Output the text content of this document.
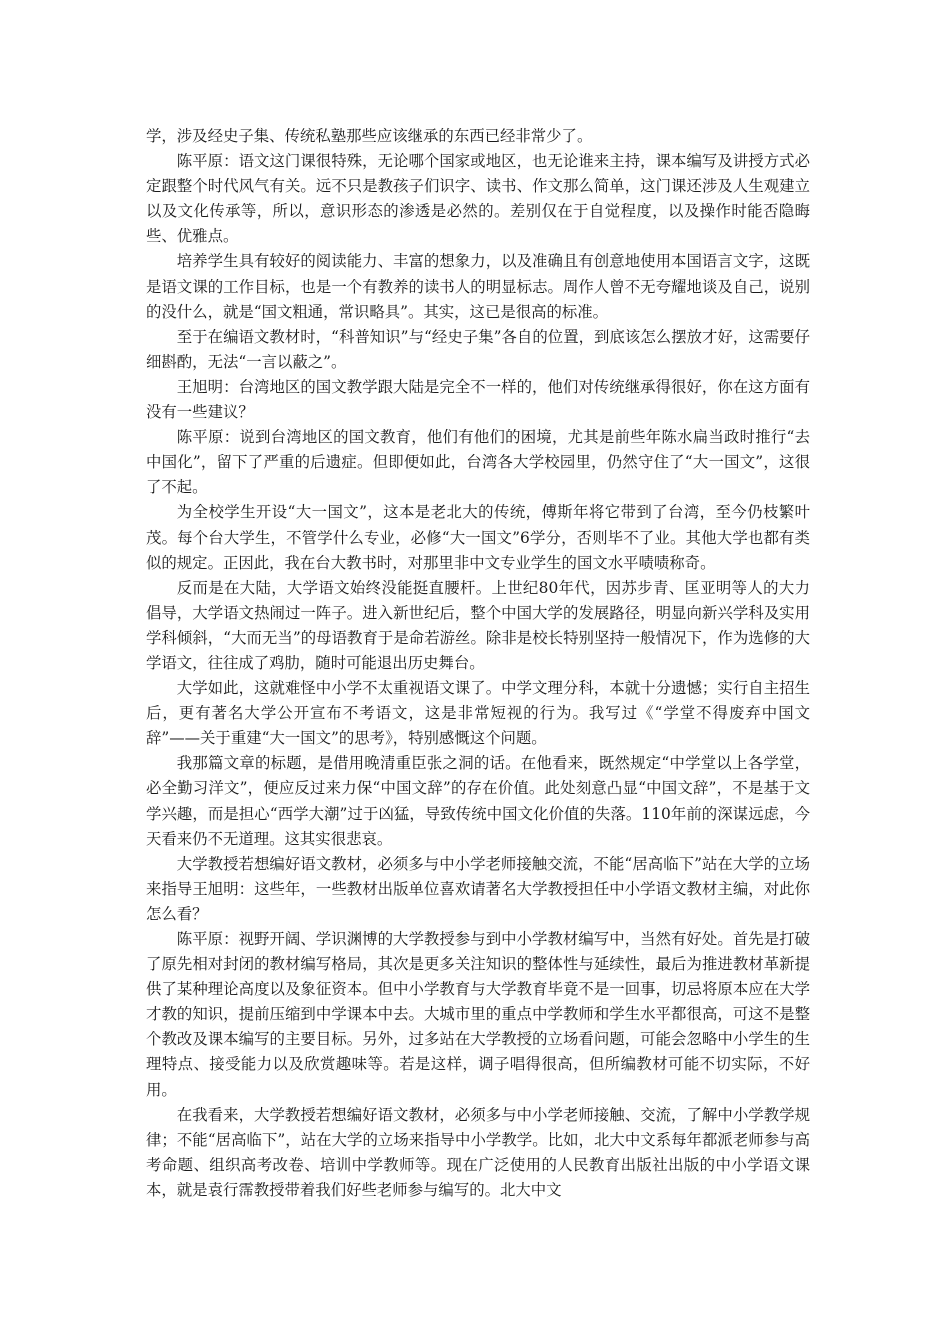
学，涉及经史子集、传统私塾那些应该继承的东西已经非常少了。

陈平原：语文这门课很特殊，无论哪个国家或地区，也无论谁来主持，课本编写及讲授方式必定跟整个时代风气有关。远不只是教孩子们识字、读书、作文那么简单，这门课还涉及人生观建立以及文化传承等，所以，意识形态的渗透是必然的。差别仅在于自觉程度，以及操作时能否隐晦些、优雅点。

培养学生具有较好的阅读能力、丰富的想象力，以及准确且有创意地使用本国语言文字，这既是语文课的工作目标，也是一个有教养的读书人的明显标志。周作人曾不无夸耀地谈及自己，说别的没什么，就是“国文粗通，常识略具”。其实，这已是很高的标准。

至于在编语文教材时，“科普知识”与“经史子集”各自的位置，到底该怎么摆放才好，这需要仔细斟酌，无法“一言以蔽之”。

王旭明：台湾地区的国文教学跟大陆是完全不一样的，他们对传统继承得很好，你在这方面有没有一些建议？

陈平原：说到台湾地区的国文教育，他们有他们的困境，尤其是前些年陈水扁当政时推行“去中国化”，留下了严重的后遗症。但即便如此，台湾各大学校园里，仍然守住了“大一国文”，这很了不起。

为全校学生开设“大一国文”，这本是老北大的传统，傅斯年将它带到了台湾，至今仍枝繁叶茂。每个台大学生，不管学什么专业，必修“大一国文”6学分，否则毕不了业。其他大学也都有类似的规定。正因此，我在台大教书时，对那里非中文专业学生的国文水平啧啧称奇。

反而是在大陆，大学语文始终没能挺直腰杆。上世纪80年代，因苏步青、匡亚明等人的大力倡导，大学语文热闹过一阵子。进入新世纪后，整个中国大学的发展路径，明显向新兴学科及实用学科倾斜，“大而无当”的母语教育于是命若游丝。除非是校长特别坚持一般情况下，作为选修的大学语文，往往成了鸡肋，随时可能退出历史舞台。

大学如此，这就难怪中小学不太重视语文课了。中学文理分科，本就十分遗憾；实行自主招生后，更有著名大学公开宣布不考语文，这是非常短视的行为。我写过《“学堂不得废弃中国文辞”——关于重建“大一国文”的思考》，特别感慨这个问题。

我那篇文章的标题，是借用晚清重臣张之洞的话。在他看来，既然规定“中学堂以上各学堂，必全勤习洋文”，便应反过来力保“中国文辞”的存在价值。此处刻意凸显“中国文辞”，不是基于文学兴趣，而是担心“西学大潮”过于凶猛，导致传统中国文化价值的失落。110年前的深谋远虑，今天看来仍不无道理。这其实很悲哀。

大学教授若想编好语文教材，必须多与中小学老师接触交流，不能“居高临下”站在大学的立场来指导王旭明：这些年，一些教材出版单位喜欢请著名大学教授担任中小学语文教材主编，对此你怎么看？

陈平原：视野开阔、学识渊博的大学教授参与到中小学教材编写中，当然有好处。首先是打破了原先相对封闭的教材编写格局，其次是更多关注知识的整体性与延续性，最后为推进教材革新提供了某种理论高度以及象征资本。但中小学教育与大学教育毕竟不是一回事，切忌将原本应在大学才教的知识，提前压缩到中学课本中去。大城市里的重点中学教师和学生水平都很高，可这不是整个教改及课本编写的主要目标。另外，过多站在大学教授的立场看问题，可能会忽略中小学生的生理特点、接受能力以及欣赏趣味等。若是这样，调子唱得很高，但所编教材可能不切实际，不好用。

在我看来，大学教授若想编好语文教材，必须多与中小学老师接触、交流，了解中小学教学规律；不能“居高临下”，站在大学的立场来指导中小学教学。比如，北大中文系每年都派老师参与高考命题、组织高考改卷、培训中学教师等。现在广泛使用的人民教育出版社出版的中小学语文课本，就是袁行霈教授带着我们好些老师参与编写的。北大中文
